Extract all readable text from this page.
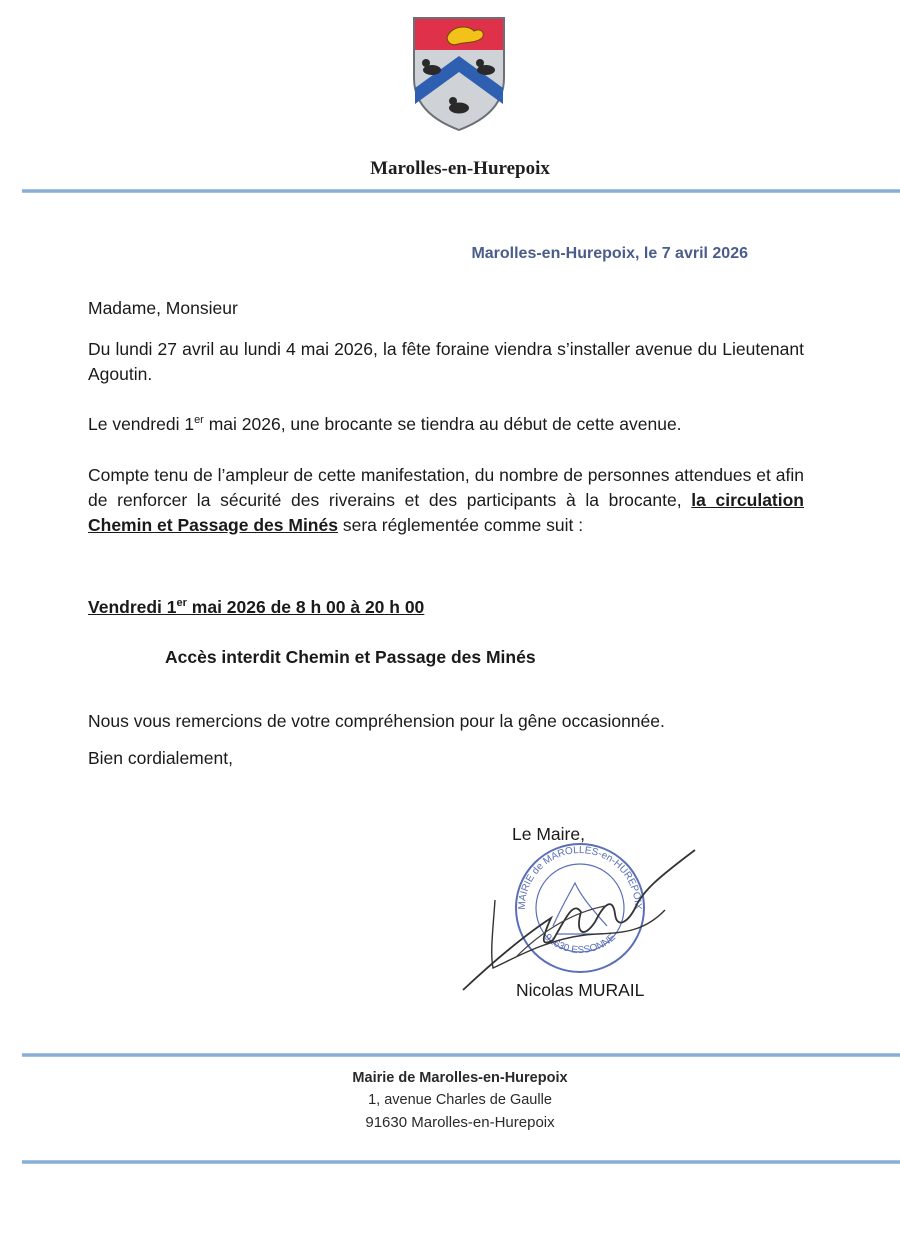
Marolles-en-Hurepoix
Marolles-en-Hurepoix, le 7 avril 2026
Madame, Monsieur
Du lundi 27 avril au lundi 4 mai 2026, la fête foraine viendra s’installer avenue du Lieutenant Agoutin.
Le vendredi 1er mai 2026, une brocante se tiendra au début de cette avenue.
Compte tenu de l’ampleur de cette manifestation, du nombre de personnes attendues et afin de renforcer la sécurité des riverains et des participants à la brocante, la circulation Chemin et Passage des Minés sera réglementée comme suit :
Vendredi 1er mai 2026 de 8 h 00 à 20 h 00
Accès interdit Chemin et Passage des Minés
Nous vous remercions de votre compréhension pour la gêne occasionnée.
Bien cordialement,
Le Maire,
MAIRIE de MAROLLES-en-HUREPOIX
91630 ESSONNE
Nicolas MURAIL
Mairie de Marolles-en-Hurepoix
1, avenue Charles de Gaulle
91630 Marolles-en-Hurepoix
